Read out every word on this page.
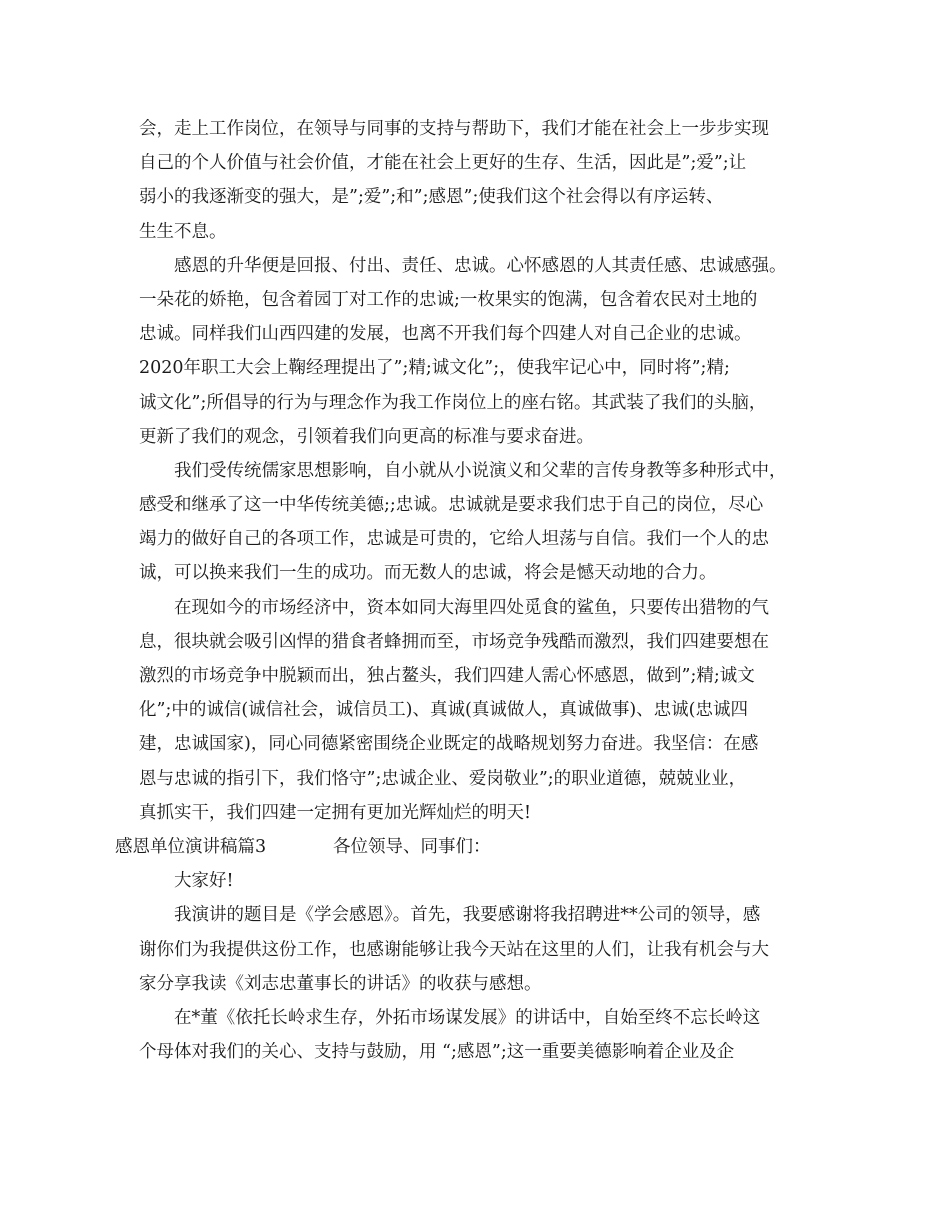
会，走上工作岗位，在领导与同事的支持与帮助下，我们才能在社会上一步步实现
自己的个人价值与社会价值，才能在社会上更好的生存、生活，因此是”;爱”;让
弱小的我逐渐变的强大，是”;爱”;和”;感恩”;使我们这个社会得以有序运转、
生生不息。

感恩的升华便是回报、付出、责任、忠诚。心怀感恩的人其责任感、忠诚感强。
一朵花的娇艳，包含着园丁对工作的忠诚;一枚果实的饱满，包含着农民对土地的
忠诚。同样我们山西四建的发展，也离不开我们每个四建人对自己企业的忠诚。
2020年职工大会上鞠经理提出了”;精;诚文化”;，使我牢记心中，同时将”;精;
诚文化”;所倡导的行为与理念作为我工作岗位上的座右铭。其武装了我们的头脑，
更新了我们的观念，引领着我们向更高的标准与要求奋进。

我们受传统儒家思想影响，自小就从小说演义和父辈的言传身教等多种形式中，
感受和继承了这一中华传统美德;;忠诚。忠诚就是要求我们忠于自己的岗位，尽心
竭力的做好自己的各项工作，忠诚是可贵的，它给人坦荡与自信。我们一个人的忠
诚，可以换来我们一生的成功。而无数人的忠诚，将会是憾天动地的合力。

在现如今的市场经济中，资本如同大海里四处觅食的鲨鱼，只要传出猎物的气
息，很块就会吸引凶悍的猎食者蜂拥而至，市场竞争残酷而激烈，我们四建要想在
激烈的市场竞争中脱颖而出，独占鳌头，我们四建人需心怀感恩，做到”;精;诚文
化”;中的诚信(诚信社会，诚信员工)、真诚(真诚做人，真诚做事)、忠诚(忠诚四
建，忠诚国家)，同心同德紧密围绕企业既定的战略规划努力奋进。我坚信：在感
恩与忠诚的指引下，我们恪守”;忠诚企业、爱岗敬业”;的职业道德，兢兢业业，
真抓实干，我们四建一定拥有更加光辉灿烂的明天!

感恩单位演讲稿篇3	各位领导、同事们：

大家好!

我演讲的题目是《学会感恩》。首先，我要感谢将我招聘进**公司的领导，感
谢你们为我提供这份工作，也感谢能够让我今天站在这里的人们，让我有机会与大
家分享我读《刘志忠董事长的讲话》的收获与感想。

在*董《依托长岭求生存，外拓市场谋发展》的讲话中，自始至终不忘长岭这
个母体对我们的关心、支持与鼓励，用 “;感恩”;这一重要美德影响着企业及企
